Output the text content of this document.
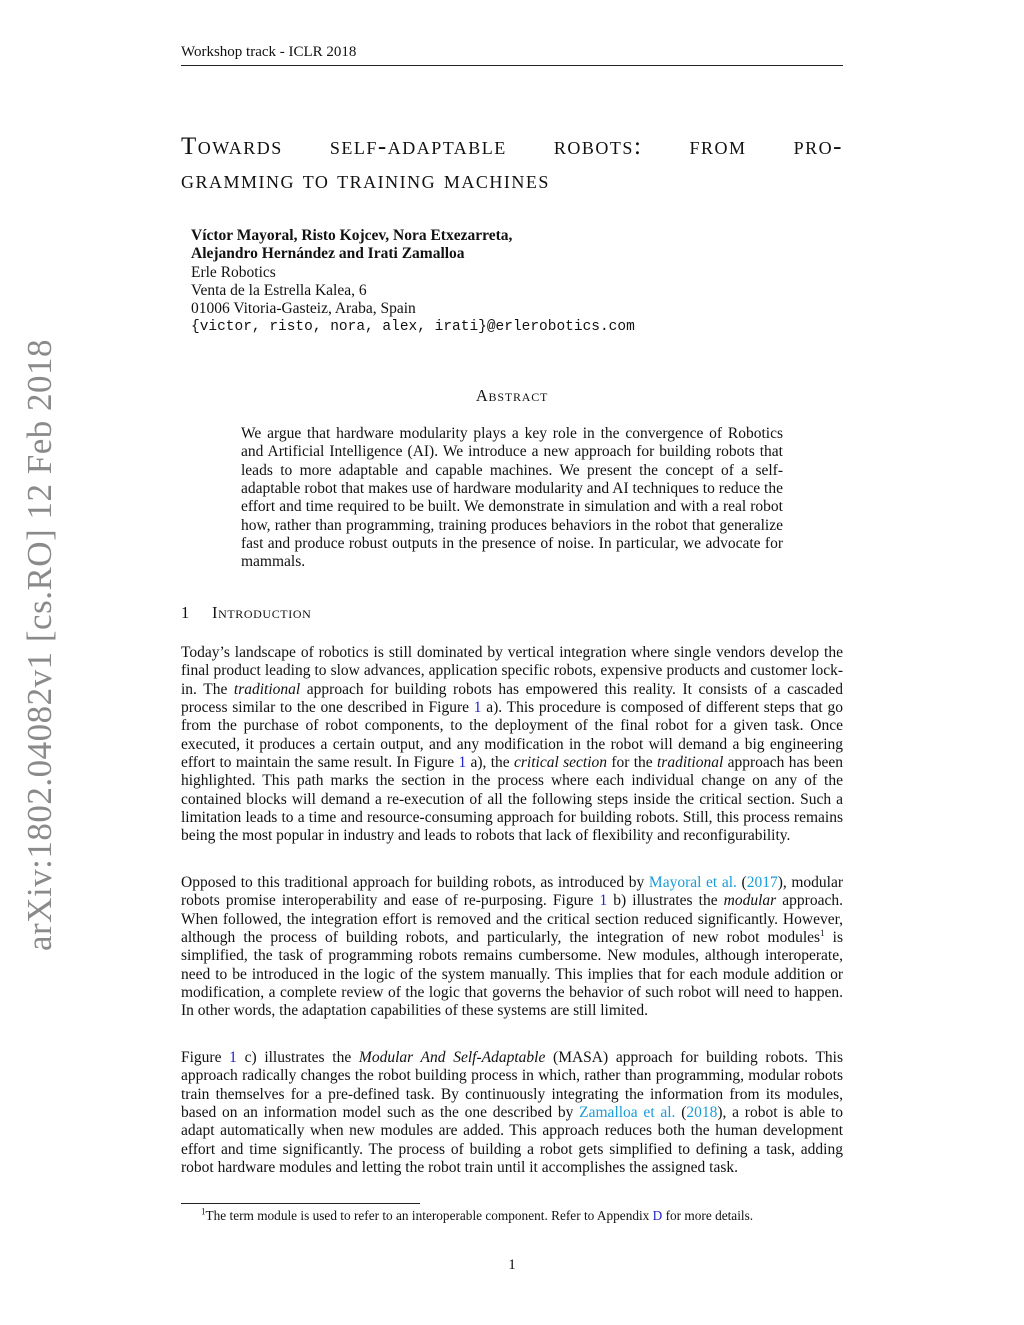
Workshop track - ICLR 2018
arXiv:1802.04082v1 [cs.RO] 12 Feb 2018
Towards self-adaptable robots: from pro-
gramming to training machines
Víctor Mayoral, Risto Kojcev, Nora Etxezarreta,
Alejandro Hernández and Irati Zamalloa
Erle Robotics
Venta de la Estrella Kalea, 6
01006 Vitoria-Gasteiz, Araba, Spain
{victor, risto, nora, alex, irati}@erlerobotics.com
Abstract
We argue that hardware modularity plays a key role in the convergence of Robotics and Artificial Intelligence (AI). We introduce a new approach for building robots that leads to more adaptable and capable machines. We present the concept of a self-adaptable robot that makes use of hardware modularity and AI techniques to reduce the effort and time required to be built. We demonstrate in simulation and with a real robot how, rather than programming, training produces behaviors in the robot that generalize fast and produce robust outputs in the presence of noise. In particular, we advocate for mammals.
1 Introduction
Today’s landscape of robotics is still dominated by vertical integration where single vendors develop the final product leading to slow advances, application specific robots, expensive products and customer lock-in. The traditional approach for building robots has empowered this reality. It consists of a cascaded process similar to the one described in Figure 1 a). This procedure is composed of different steps that go from the purchase of robot components, to the deployment of the final robot for a given task. Once executed, it produces a certain output, and any modification in the robot will demand a big engineering effort to maintain the same result. In Figure 1 a), the critical section for the traditional approach has been highlighted. This path marks the section in the process where each individual change on any of the contained blocks will demand a re-execution of all the following steps inside the critical section. Such a limitation leads to a time and resource-consuming approach for building robots. Still, this process remains being the most popular in industry and leads to robots that lack of flexibility and reconfigurability.
Opposed to this traditional approach for building robots, as introduced by Mayoral et al. (2017), modular robots promise interoperability and ease of re-purposing. Figure 1 b) illustrates the modular approach. When followed, the integration effort is removed and the critical section reduced significantly. However, although the process of building robots, and particularly, the integration of new robot modules$^1$ is simplified, the task of programming robots remains cumbersome. New modules, although interoperate, need to be introduced in the logic of the system manually. This implies that for each module addition or modification, a complete review of the logic that governs the behavior of such robot will need to happen. In other words, the adaptation capabilities of these systems are still limited.
Figure 1 c) illustrates the Modular And Self-Adaptable (MASA) approach for building robots. This approach radically changes the robot building process in which, rather than programming, modular robots train themselves for a pre-defined task. By continuously integrating the information from its modules, based on an information model such as the one described by Zamalloa et al. (2018), a robot is able to adapt automatically when new modules are added. This approach reduces both the human development effort and time significantly. The process of building a robot gets simplified to defining a task, adding robot hardware modules and letting the robot train until it accomplishes the assigned task.
$^1$The term module is used to refer to an interoperable component. Refer to Appendix D for more details.
1
